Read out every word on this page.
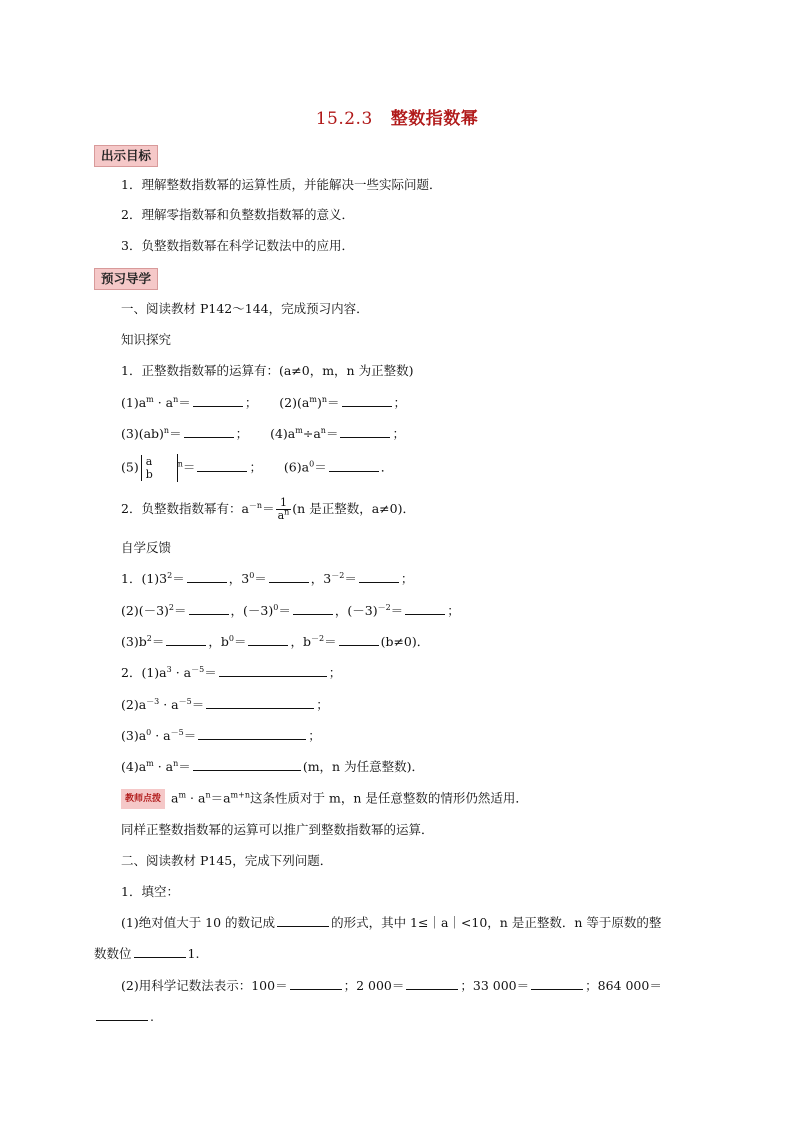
15.2.3 整数指数幂
出示目标
1．理解整数指数幂的运算性质，并能解决一些实际问题．
2．理解零指数幂和负整数指数幂的意义．
3．负整数指数幂在科学记数法中的应用．
预习导学
一、阅读教材 P142～144，完成预习内容．
知识探究
1．正整数指数幂的运算有：(a≠0，m，n 为正整数)
$(1)a^m \cdot a^n=$	； $(2)(a^m)^n=$	；
(3)(ab)$^n$＝	； $(4)a^m\div a^n=$	；
(5) a
b
$^n$＝	； $(6)a^0=$	．
2．负整数指数幂有：$a^{-n}= \frac{1}{a^n} (n$ 是正整数，a≠0)．
自学反馈
1．$(1)3^2=$	，$3^0=$	，$3^{-2}=$	；
$(2)(-3)^2=$	，$(-3)^0=$	，$(-3)^{-2}=$	；
$(3)b^2=$	，$b^0=$	，$b^{-2}=$	(b≠0)．
2．$(1)a^3 \cdot a^{-5}=$	；
$(2)a^{-3} \cdot a^{-5}=$	；
$(3)a^0 \cdot a^{-5}=$	；
$(4)a^m \cdot a^n=$	(m，n 为任意整数)．
教师点拨 $a^m \cdot a^n=a^{m+n}$这条性质对于 m，n 是任意整数的情形仍然适用．
同样正整数指数幂的运算可以推广到整数指数幂的运算．
二、阅读教材 P145，完成下列问题．
1．填空：
(1)绝对值大于 10 的数记成	的形式，其中 1≤｜a｜<10，n 是正整数．n 等于原数的整
数数位	1.
(2)用科学记数法表示：100＝	；2 000＝	；33 000＝	；864 000＝
.
